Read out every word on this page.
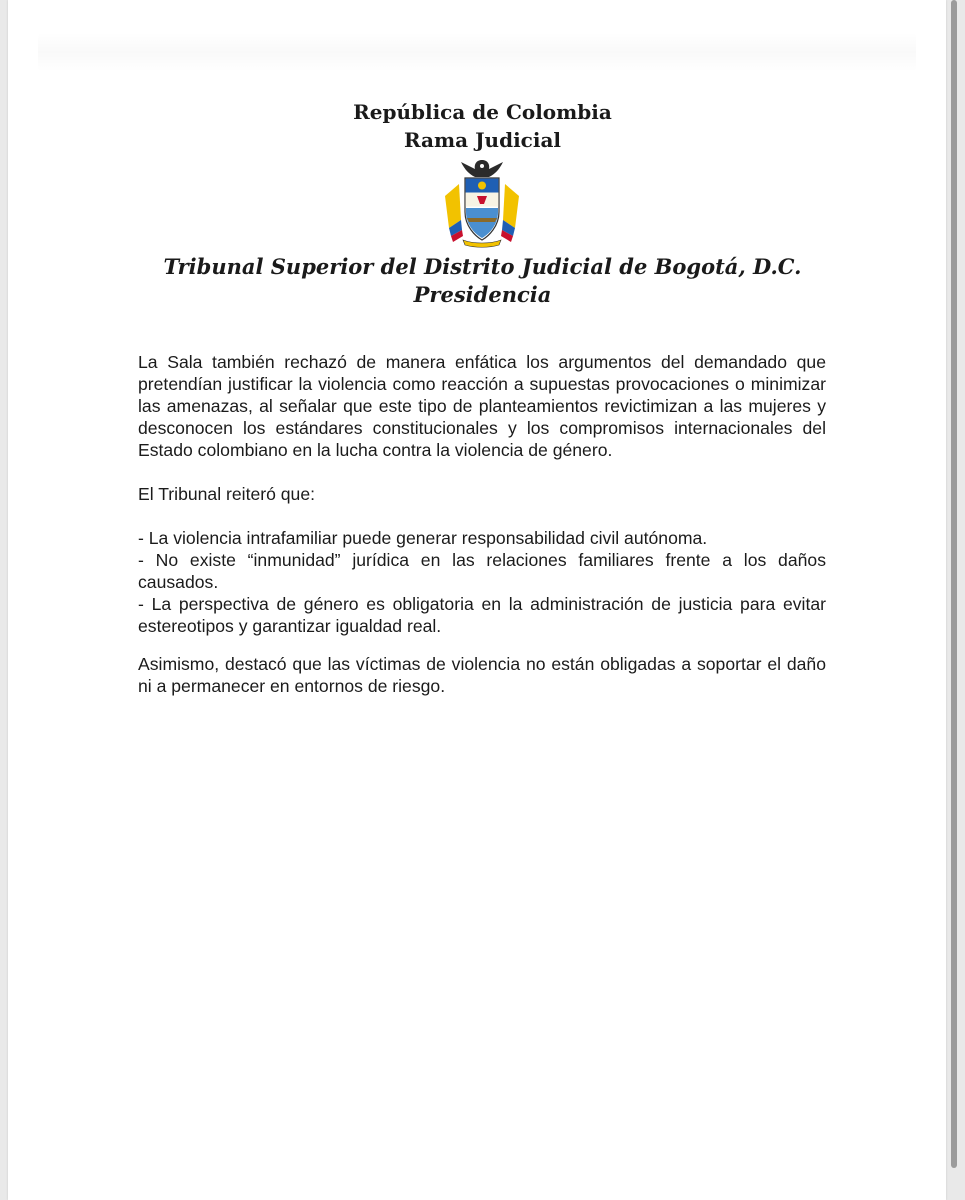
República de Colombia
Rama Judicial
Tribunal Superior del Distrito Judicial de Bogotá, D.C.
Presidencia
La Sala también rechazó de manera enfática los argumentos del demandado que pretendían justificar la violencia como reacción a supuestas provocaciones o minimizar las amenazas, al señalar que este tipo de planteamientos revictimizan a las mujeres y desconocen los estándares constitucionales y los compromisos internacionales del Estado colombiano en la lucha contra la violencia de género.
El Tribunal reiteró que:
- La violencia intrafamiliar puede generar responsabilidad civil autónoma.
- No existe “inmunidad” jurídica en las relaciones familiares frente a los daños causados.
- La perspectiva de género es obligatoria en la administración de justicia para evitar estereotipos y garantizar igualdad real.
Asimismo, destacó que las víctimas de violencia no están obligadas a soportar el daño ni a permanecer en entornos de riesgo.
